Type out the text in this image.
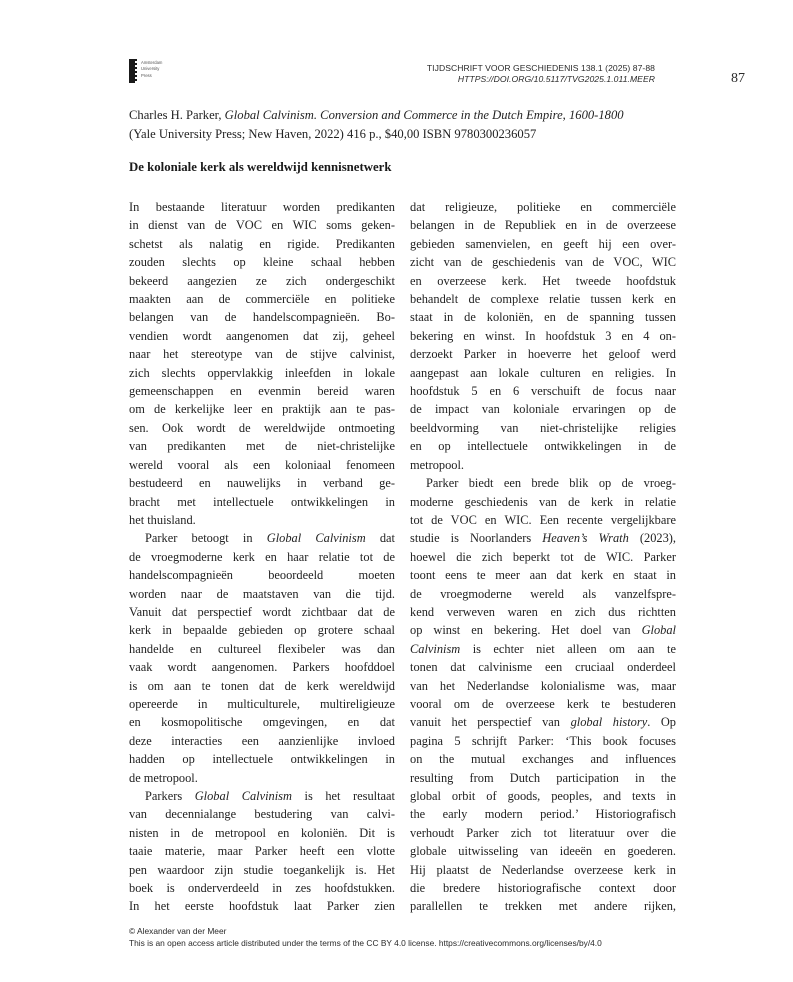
Amsterdam
University
Press
TIJDSCHRIFT VOOR GESCHIEDENIS 138.1 (2025) 87-88
HTTPS://DOI.ORG/10.5117/TVG2025.1.011.MEER	87
Charles H. Parker, Global Calvinism. Conversion and Commerce in the Dutch Empire, 1600-1800
(Yale University Press; New Haven, 2022) 416 p., $40,00 ISBN 9780300236057
De koloniale kerk als wereldwijd kennisnetwerk
In bestaande literatuur worden predikanten
in dienst van de VOC en WIC soms geken-
schetst als nalatig en rigide. Predikanten
zouden slechts op kleine schaal hebben
bekeerd aangezien ze zich ondergeschikt
maakten aan de commerciële en politieke
belangen van de handelscompagnieën. Bo-
vendien wordt aangenomen dat zij, geheel
naar het stereotype van de stijve calvinist,
zich slechts oppervlakkig inleefden in lokale
gemeenschappen en evenmin bereid waren
om de kerkelijke leer en praktijk aan te pas-
sen. Ook wordt de wereldwijde ontmoeting
van predikanten met de niet-christelijke
wereld vooral als een koloniaal fenomeen
bestudeerd en nauwelijks in verband ge-
bracht met intellectuele ontwikkelingen in
het thuisland.
Parker betoogt in Global Calvinism dat
de vroegmoderne kerk en haar relatie tot de
handelscompagnieën beoordeeld moeten
worden naar de maatstaven van die tijd.
Vanuit dat perspectief wordt zichtbaar dat de
kerk in bepaalde gebieden op grotere schaal
handelde en cultureel flexibeler was dan
vaak wordt aangenomen. Parkers hoofddoel
is om aan te tonen dat de kerk wereldwijd
opereerde in multiculturele, multireligieuze
en kosmopolitische omgevingen, en dat
deze interacties een aanzienlijke invloed
hadden op intellectuele ontwikkelingen in
de metropool.
Parkers Global Calvinism is het resultaat
van decennialange bestudering van calvi-
nisten in de metropool en koloniën. Dit is
taaie materie, maar Parker heeft een vlotte
pen waardoor zijn studie toegankelijk is. Het
boek is onderverdeeld in zes hoofdstukken.
In het eerste hoofdstuk laat Parker zien
dat religieuze, politieke en commerciële
belangen in de Republiek en in de overzeese
gebieden samenvielen, en geeft hij een over-
zicht van de geschiedenis van de VOC, WIC
en overzeese kerk. Het tweede hoofdstuk
behandelt de complexe relatie tussen kerk en
staat in de koloniën, en de spanning tussen
bekering en winst. In hoofdstuk 3 en 4 on-
derzoekt Parker in hoeverre het geloof werd
aangepast aan lokale culturen en religies. In
hoofdstuk 5 en 6 verschuift de focus naar
de impact van koloniale ervaringen op de
beeldvorming van niet-christelijke religies
en op intellectuele ontwikkelingen in de
metropool.
Parker biedt een brede blik op de vroeg-
moderne geschiedenis van de kerk in relatie
tot de VOC en WIC. Een recente vergelijkbare
studie is Noorlanders Heaven’s Wrath (2023),
hoewel die zich beperkt tot de WIC. Parker
toont eens te meer aan dat kerk en staat in
de vroegmoderne wereld als vanzelfspre-
kend verweven waren en zich dus richtten
op winst en bekering. Het doel van Global
Calvinism is echter niet alleen om aan te
tonen dat calvinisme een cruciaal onderdeel
van het Nederlandse kolonialisme was, maar
vooral om de overzeese kerk te bestuderen
vanuit het perspectief van global history. Op
pagina 5 schrijft Parker: ‘This book focuses
on the mutual exchanges and influences
resulting from Dutch participation in the
global orbit of goods, peoples, and texts in
the early modern period.’ Historiografisch
verhoudt Parker zich tot literatuur over die
globale uitwisseling van ideeën en goederen.
Hij plaatst de Nederlandse overzeese kerk in
die bredere historiografische context door
parallellen te trekken met andere rijken,
© Alexander van der Meer
This is an open access article distributed under the terms of the CC BY 4.0 license. https://creativecommons.org/licenses/by/4.0
